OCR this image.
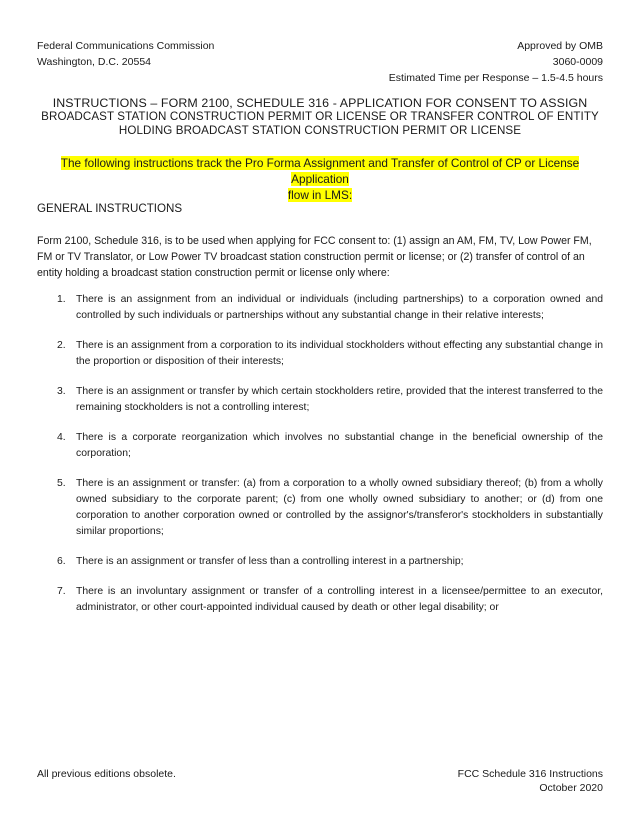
Federal Communications Commission
Washington, D.C. 20554
Approved by OMB
3060-0009
Estimated Time per Response – 1.5-4.5 hours
INSTRUCTIONS – FORM 2100, SCHEDULE 316 - APPLICATION FOR CONSENT TO ASSIGN
BROADCAST STATION CONSTRUCTION PERMIT OR LICENSE OR TRANSFER CONTROL OF ENTITY
HOLDING BROADCAST STATION CONSTRUCTION PERMIT OR LICENSE
The following instructions track the Pro Forma Assignment and Transfer of Control of CP or License Application
flow in LMS:
GENERAL INSTRUCTIONS
Form 2100, Schedule 316, is to be used when applying for FCC consent to: (1) assign an AM, FM, TV, Low Power FM, FM or TV Translator, or Low Power TV broadcast station construction permit or license; or (2) transfer of control of an entity holding a broadcast station construction permit or license only where:
1. There is an assignment from an individual or individuals (including partnerships) to a corporation owned and controlled by such individuals or partnerships without any substantial change in their relative interests;
2. There is an assignment from a corporation to its individual stockholders without effecting any substantial change in the proportion or disposition of their interests;
3. There is an assignment or transfer by which certain stockholders retire, provided that the interest transferred to the remaining stockholders is not a controlling interest;
4. There is a corporate reorganization which involves no substantial change in the beneficial ownership of the corporation;
5. There is an assignment or transfer: (a) from a corporation to a wholly owned subsidiary thereof; (b) from a wholly owned subsidiary to the corporate parent; (c) from one wholly owned subsidiary to another; or (d) from one corporation to another corporation owned or controlled by the assignor's/transferor's stockholders in substantially similar proportions;
6. There is an assignment or transfer of less than a controlling interest in a partnership;
7. There is an involuntary assignment or transfer of a controlling interest in a licensee/permittee to an executor, administrator, or other court-appointed individual caused by death or other legal disability; or
All previous editions obsolete.	FCC Schedule 316 Instructions
October 2020
